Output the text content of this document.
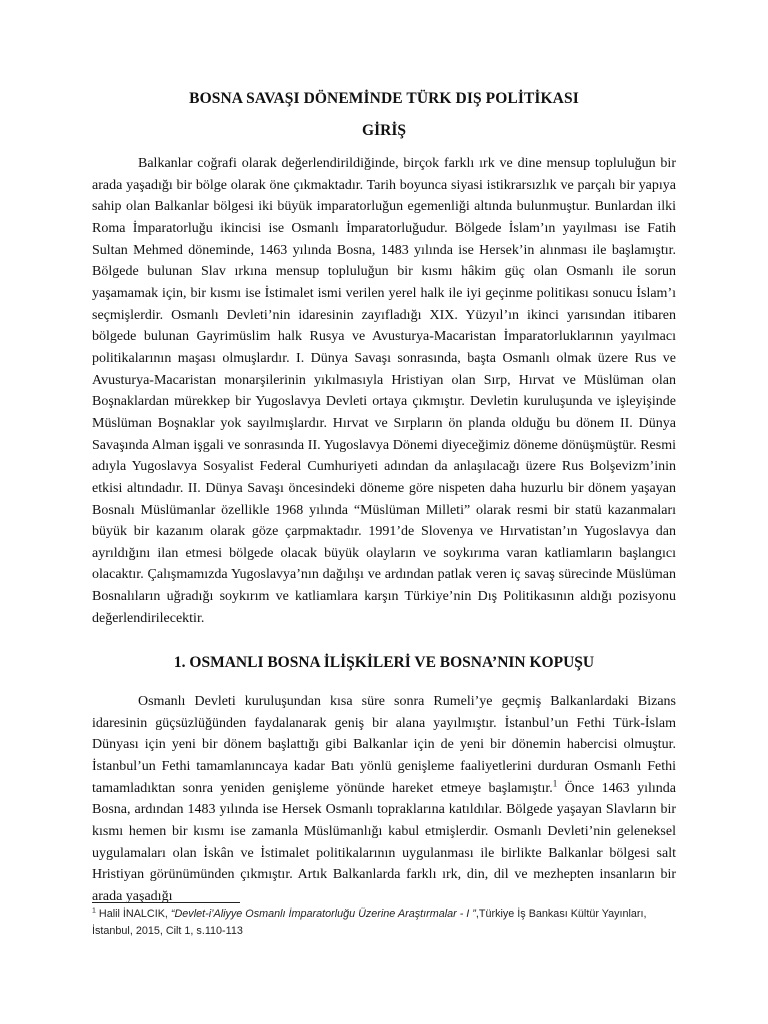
BOSNA SAVAŞI DÖNEMİNDE TÜRK DIŞ POLİTİKASI
GİRİŞ

Balkanlar coğrafi olarak değerlendirildiğinde, birçok farklı ırk ve dine mensup topluluğun bir arada yaşadığı bir bölge olarak öne çıkmaktadır. Tarih boyunca siyasi istikrarsızlık ve parçalı bir yapıya sahip olan Balkanlar bölgesi iki büyük imparatorluğun egemenliği altında bulunmuştur. Bunlardan ilki Roma İmparatorluğu ikincisi ise Osmanlı İmparatorluğudur. Bölgede İslam’ın yayılması ise Fatih Sultan Mehmed döneminde, 1463 yılında Bosna, 1483 yılında ise Hersek’in alınması ile başlamıştır. Bölgede bulunan Slav ırkına mensup topluluğun bir kısmı hâkim güç olan Osmanlı ile sorun yaşamamak için, bir kısmı ise İstimalet ismi verilen yerel halk ile iyi geçinme politikası sonucu İslam’ı seçmişlerdir. Osmanlı Devleti’nin idaresinin zayıfladığı XIX. Yüzyıl’ın ikinci yarısından itibaren bölgede bulunan Gayrimüslim halk Rusya ve Avusturya-Macaristan İmparatorluklarının yayılmacı politikalarının maşası olmuşlardır. I. Dünya Savaşı sonrasında, başta Osmanlı olmak üzere Rus ve Avusturya-Macaristan monarşilerinin yıkılmasıyla Hristiyan olan Sırp, Hırvat ve Müslüman olan Boşnaklardan mürekkep bir Yugoslavya Devleti ortaya çıkmıştır. Devletin kuruluşunda ve işleyişinde Müslüman Boşnaklar yok sayılmışlardır. Hırvat ve Sırpların ön planda olduğu bu dönem II. Dünya Savaşında Alman işgali ve sonrasında II. Yugoslavya Dönemi diyeceğimiz döneme dönüşmüştür. Resmi adıyla Yugoslavya Sosyalist Federal Cumhuriyeti adından da anlaşılacağı üzere Rus Bolşevizm’inin etkisi altındadır. II. Dünya Savaşı öncesindeki döneme göre nispeten daha huzurlu bir dönem yaşayan Bosnalı Müslümanlar özellikle 1968 yılında “Müslüman Milleti” olarak resmi bir statü kazanmaları büyük bir kazanım olarak göze çarpmaktadır. 1991’de Slovenya ve Hırvatistan’ın Yugoslavya dan ayrıldığını ilan etmesi bölgede olacak büyük olayların ve soykırıma varan katliamların başlangıcı olacaktır. Çalışmamızda Yugoslavya’nın dağılışı ve ardından patlak veren iç savaş sürecinde Müslüman Bosnalıların uğradığı soykırım ve katliamlara karşın Türkiye’nin Dış Politikasının aldığı pozisyonu değerlendirilecektir.

1. OSMANLI BOSNA İLİŞKİLERİ VE BOSNA’NIN KOPUŞU

Osmanlı Devleti kuruluşundan kısa süre sonra Rumeli’ye geçmiş Balkanlardaki Bizans idaresinin güçsüzlüğünden faydalanarak geniş bir alana yayılmıştır. İstanbul’un Fethi Türk-İslam Dünyası için yeni bir dönem başlattığı gibi Balkanlar için de yeni bir dönemin habercisi olmuştur. İstanbul’un Fethi tamamlanıncaya kadar Batı yönlü genişleme faaliyetlerini durduran Osmanlı Fethi tamamladıktan sonra yeniden genişleme yönünde hareket etmeye başlamıştır.$^1$ Önce 1463 yılında Bosna, ardından 1483 yılında ise Hersek Osmanlı topraklarına katıldılar. Bölgede yaşayan Slavların bir kısmı hemen bir kısmı ise zamanla Müslümanlığı kabul etmişlerdir. Osmanlı Devleti’nin geleneksel uygulamaları olan İskân ve İstimalet politikalarının uygulanması ile birlikte Balkanlar bölgesi salt Hristiyan görünümünden çıkmıştır. Artık Balkanlarda farklı ırk, din, dil ve mezhepten insanların bir arada yaşadığı

$^1$ Halil İNALCIK, “Devlet-i’Aliyye Osmanlı İmparatorluğu Üzerine Araştırmalar - I ”,Türkiye İş Bankası Kültür Yayınları, İstanbul, 2015, Cilt 1, s.110-113
